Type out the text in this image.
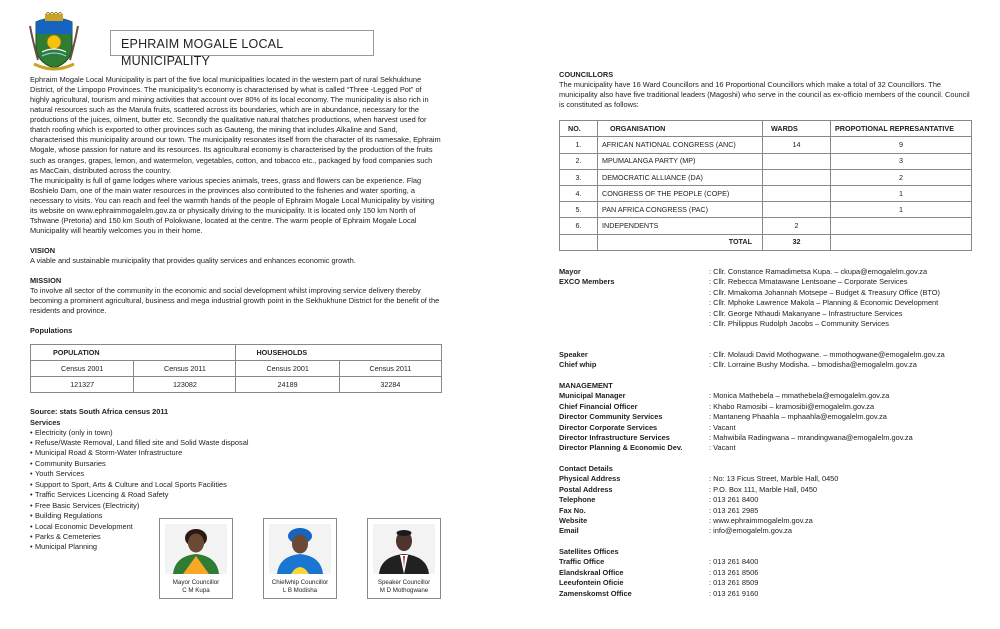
EPHRAIM MOGALE LOCAL MUNICIPALITY

Ephraim Mogale Local Municipality is part of the five local municipalities located in the western part of rural Sekhukhune District, of the Limpopo Provinces. The municipality’s economy is characterised by what is called “Three -Legged Pot” of highly agricultural, tourism and mining activities that account over 80% of its local economy. The municipality is also rich in natural resources such as the Marula fruits, scattered across its boundaries, which are in abundance, necessary for the productions of the juices, oilment, butter etc. Secondly the qualitative natural thatches productions, when harvest used for thatch roofing which is exported to other provinces such as Gauteng, the mining that includes Alkaline and Sand, characterised this municipality around our town. The municipality resonates itself from the character of its namesake, Ephraim Mogale, whose passion for nature and its resources. Its agricultural economy is characterised by the production of the fruits such as oranges, grapes, lemon, and watermelon, vegetables, cotton, and tobacco etc., packaged by food companies such as MacCain, distributed across the country.

The municipality is full of game lodges where various species animals, trees, grass and flowers can be experience. Flag Boshielo Dam, one of the main water resources in the provinces also contributed to the fisheries and water sporting, a necessary to visits. You can reach and feel the warmth hands of the people of Ephraim Mogale Local Municipality by visiting its website on www.ephraimmogalelm.gov.za or physically driving to the municipality. It is located only 150 km North of Tshwane (Pretoria) and 150 km South of Polokwane, located at the centre. The warm people of Ephraim Mogale Local Municipality will heartily welcomes you in their home.

VISION

A viable and sustainable municipality that provides quality services and enhances economic growth.

MISSION

To involve all sector of the community in the economic and social development whilst improving service delivery thereby becoming a prominent agricultural, business and mega industrial growth point in the Sekhukhune District for the benefit of the residents and province.

Populations
POPULATION		HOUSEHOLDS	
Census 2001	Census 2011	Census 2001	Census 2011
121327	123082	24189	32284
Source: stats South Africa census 2011
Services
• Electricity (only in town)
• Refuse/Waste Removal, Land filled site and Solid Waste disposal
• Municipal Road & Storm-Water Infrastructure
• Community Bursaries
• Youth Services
• Support to Sport, Arts & Culture and Local Sports Facilities
• Traffic Services Licencing & Road Safety
• Free Basic Services (Electricity)
• Building Regulations
• Local Economic Development
• Parks & Cemeteries
• Municipal Planning
Mayor Councillor
C M Kupa
Chiefwhip Councillor
L B Modisha
Speaker Councillor
M D Mothogwane
COUNCILLORS

The municipality have 16 Ward Councillors and 16 Proportional Councillors which make a total of 32 Councillors. The municipality also have five traditional leaders (Magoshi) who serve in the council as ex-officio members of the council. Council is constituted as follows:

NO.	ORGANISATION	WARDS	PROPOTIONAL REPRESANTATIVE
1.	AFRICAN NATIONAL CONGRESS (ANC)	14	9
2.	MPUMALANGA PARTY (MP)		3
3.	DEMOCRATIC ALLIANCE (DA)		2
4.	CONGRESS OF THE PEOPLE (COPE)		1
5.	PAN AFRICA CONGRESS (PAC)		1
6.	INDEPENDENTS	2	
	TOTAL	32	
Mayor	: Cllr. Constance Ramadimetsa Kupa. – ckupa@emogalelm.gov.za
EXCO Members	: Cllr. Rebecca Mmatawane Lentsoane – Corporate Services
: Cllr. Mmakoma Johannah Motsepe – Budget & Treasury Office (BTO)
: Cllr. Mphoke Lawrence Makola – Planning & Economic Development
: Cllr. George Nthaudi Makanyane – Infrastructure Services
: Cllr. Philippus Rudolph Jacobs – Community Services
Speaker	: Cllr. Molaudi David Mothogwane. – mmothogwane@emogalelm.gov.za
Chief whip	: Cllr. Lorraine Bushy Modisha. – bmodisha@emogalelm.gov.za
MANAGEMENT
Municipal Manager	: Monica Mathebela – mmathebela@emogalelm.gov.za
Chief Financial Officer	: Khabo Ramosibi – kramosibi@emogalelm.gov.za
Director Community Services	: Mantaneng Phaahla – mphaahla@emogalelm.gov.za
Director Corporate Services	: Vacant
Director Infrastructure Services	: Mahwibila Radingwana – mrandingwana@emogalelm.gov.za
Director Planning & Economic Dev.	: Vacant
Contact Details
Physical Address	: No: 13 Ficus Street, Marble Hall, 0450
Postal Address	: P.O. Box 111, Marble Hall, 0450
Telephone	: 013 261 8400
Fax No.	: 013 261 2985
Website	: www.ephraimmogalelm.gov.za
Email	: info@emogalelm.gov.za
Satellites Offices
Traffic Office	: 013 261 8400
Elandskraal Office	: 013 261 8506
Leeufontein Oficie	: 013 261 8509
Zamenskomst Office	: 013 261 9160
